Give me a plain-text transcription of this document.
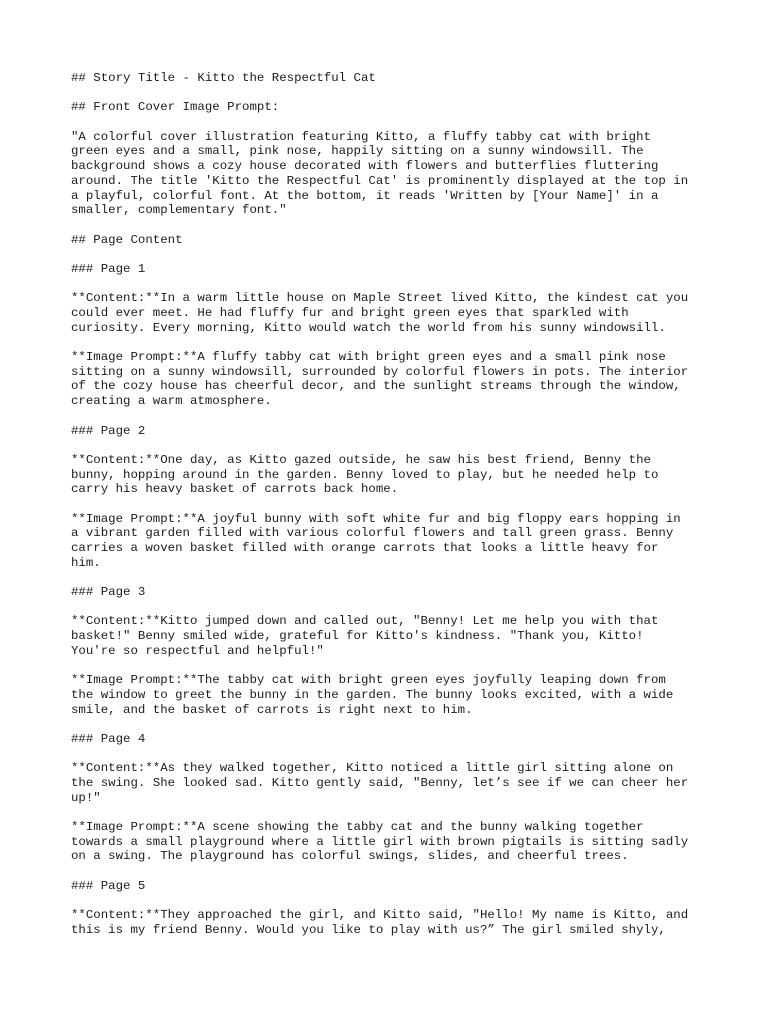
## Story Title - Kitto the Respectful Cat
## Front Cover Image Prompt:
"A colorful cover illustration featuring Kitto, a fluffy tabby cat with bright
green eyes and a small, pink nose, happily sitting on a sunny windowsill. The
background shows a cozy house decorated with flowers and butterflies fluttering
around. The title 'Kitto the Respectful Cat' is prominently displayed at the top in
a playful, colorful font. At the bottom, it reads 'Written by [Your Name]' in a
smaller, complementary font."
## Page Content
### Page 1
**Content:**In a warm little house on Maple Street lived Kitto, the kindest cat you
could ever meet. He had fluffy fur and bright green eyes that sparkled with
curiosity. Every morning, Kitto would watch the world from his sunny windowsill.
**Image Prompt:**A fluffy tabby cat with bright green eyes and a small pink nose
sitting on a sunny windowsill, surrounded by colorful flowers in pots. The interior
of the cozy house has cheerful decor, and the sunlight streams through the window,
creating a warm atmosphere.
### Page 2
**Content:**One day, as Kitto gazed outside, he saw his best friend, Benny the
bunny, hopping around in the garden. Benny loved to play, but he needed help to
carry his heavy basket of carrots back home.
**Image Prompt:**A joyful bunny with soft white fur and big floppy ears hopping in
a vibrant garden filled with various colorful flowers and tall green grass. Benny
carries a woven basket filled with orange carrots that looks a little heavy for
him.
### Page 3
**Content:**Kitto jumped down and called out, "Benny! Let me help you with that
basket!" Benny smiled wide, grateful for Kitto's kindness. "Thank you, Kitto!
You're so respectful and helpful!"
**Image Prompt:**The tabby cat with bright green eyes joyfully leaping down from
the window to greet the bunny in the garden. The bunny looks excited, with a wide
smile, and the basket of carrots is right next to him.
### Page 4
**Content:**As they walked together, Kitto noticed a little girl sitting alone on
the swing. She looked sad. Kitto gently said, "Benny, let’s see if we can cheer her
up!"
**Image Prompt:**A scene showing the tabby cat and the bunny walking together
towards a small playground where a little girl with brown pigtails is sitting sadly
on a swing. The playground has colorful swings, slides, and cheerful trees.
### Page 5
**Content:**They approached the girl, and Kitto said, "Hello! My name is Kitto, and
this is my friend Benny. Would you like to play with us?” The girl smiled shyly,
